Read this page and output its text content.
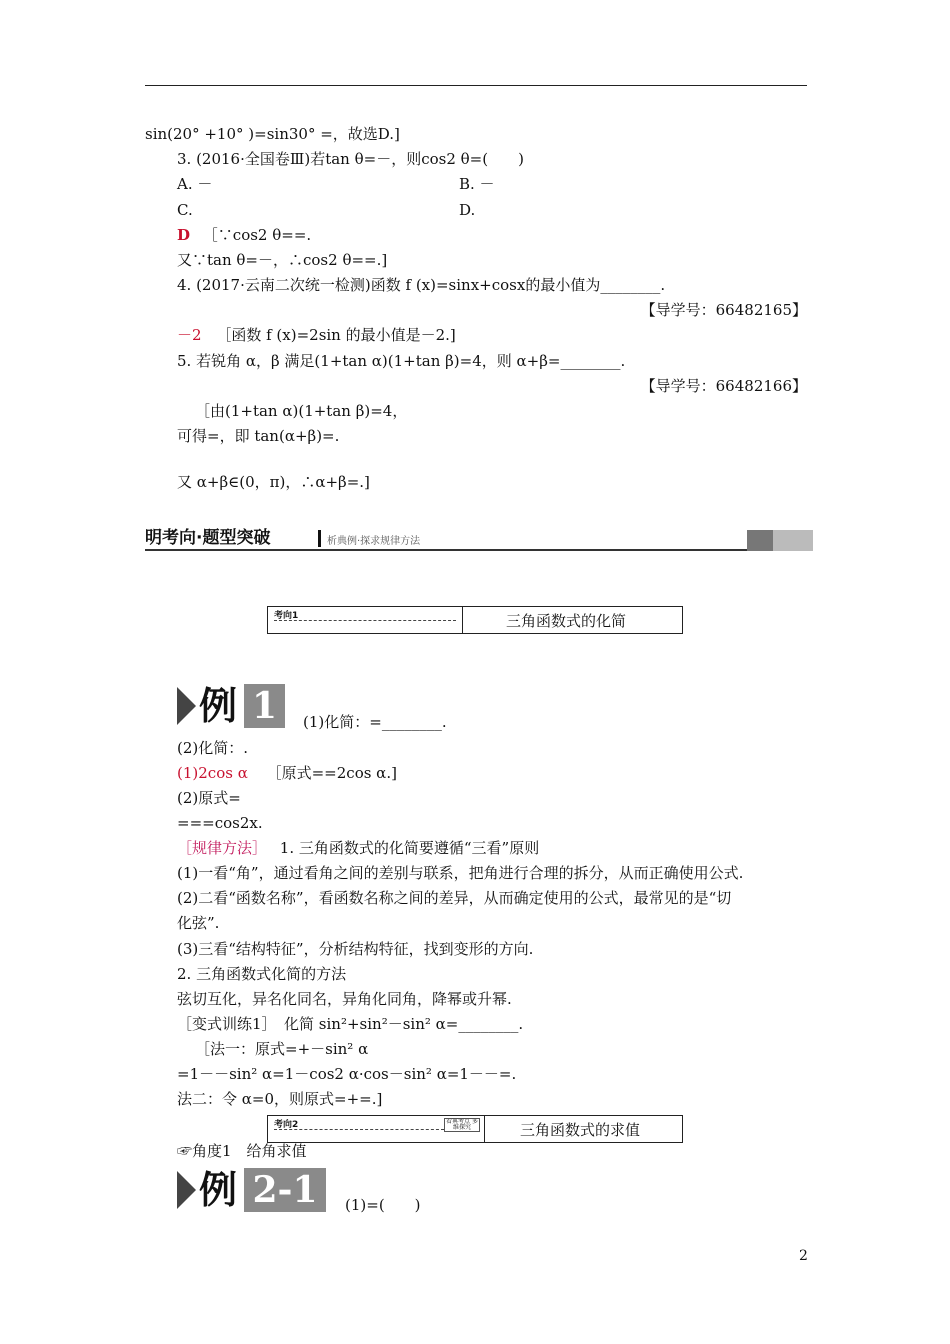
sin(20° +10° )=sin30° =，故选D.]
3. (2016·全国卷Ⅲ)若tan θ=－，则cos2 θ=(　　)
A. －	B. －
C.	D.
D ［∵cos2 θ==.
又∵tan θ=－，∴cos2 θ==.]
4. (2017·云南二次统一检测)函数 f (x)=sinx+cosx的最小值为________.
【导学号：66482165】
－2 ［函数 f (x)=2sin 的最小值是－2.]
5. 若锐角 α，β 满足(1+tan α)(1+tan β)=4，则 α+β=________.
【导学号：66482166】
［由(1+tan α)(1+tan β)=4，
可得=，即 tan(α+β)=.
又 α+β∈(0，π)，∴α+β=.]
明考向·题型突破	析典例·探求规律方法
考向1	三角函数式的化简
例 1	(1)化简：=________.
(2)化简：.
(1)2cos α ［原式==2cos α.]
(2)原式=
===cos2x.
［规律方法］ 1. 三角函数式的化简要遵循“三看”原则
(1)一看“角”，通过看角之间的差别与联系，把角进行合理的拆分，从而正确使用公式.
(2)二看“函数名称”，看函数名称之间的差异，从而确定使用的公式，最常见的是“切
化弦”.
(3)三看“结构特征”，分析结构特征，找到变形的方向.
2. 三角函数式化简的方法
弦切互化，异名化同名，异角化同角，降幂或升幂.
［变式训练1］　化简 sin²+sin²－sin² α=________.
［法一：原式=+－sin² α
=1－－sin² α=1－cos2 α·cos－sin² α=1－－=.
法二：令 α=0，则原式=+=.]
考向2	看典考点 多维探究	三角函数式的求值
☞角度1　给角求值
例 2-1	(1)=(　　)
2
